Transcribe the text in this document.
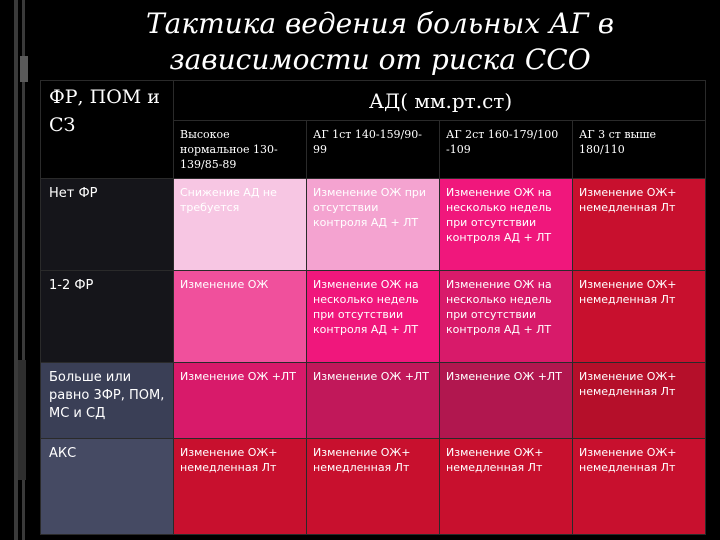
Тактика ведения больных АГ в зависимости от риска ССО
ФР, ПОМ и СЗ	АД( мм.рт.ст)			
	Высокое нормальное 130-139/85-89	АГ 1ст 140-159/90-99	АГ 2ст 160-179/100 -109	АГ 3 ст выше 180/110
Нет ФР	Снижение АД не требуется	Изменение ОЖ при отсутствии контроля АД + ЛТ	Изменение ОЖ на несколько недель при отсутствии контроля АД + ЛТ	Изменение ОЖ+ немедленная Лт
1-2 ФР	Изменение ОЖ	Изменение ОЖ на несколько недель при отсутствии контроля АД + ЛТ	Изменение ОЖ на несколько недель при отсутствии контроля АД + ЛТ	Изменение ОЖ+ немедленная Лт
Больше или равно 3ФР, ПОМ, МС и СД	Изменение ОЖ +ЛТ	Изменение ОЖ +ЛТ	Изменение ОЖ +ЛТ	Изменение ОЖ+ немедленная Лт
АКС	Изменение ОЖ+ немедленная Лт	Изменение ОЖ+ немедленная Лт	Изменение ОЖ+ немедленная Лт	Изменение ОЖ+ немедленная Лт
